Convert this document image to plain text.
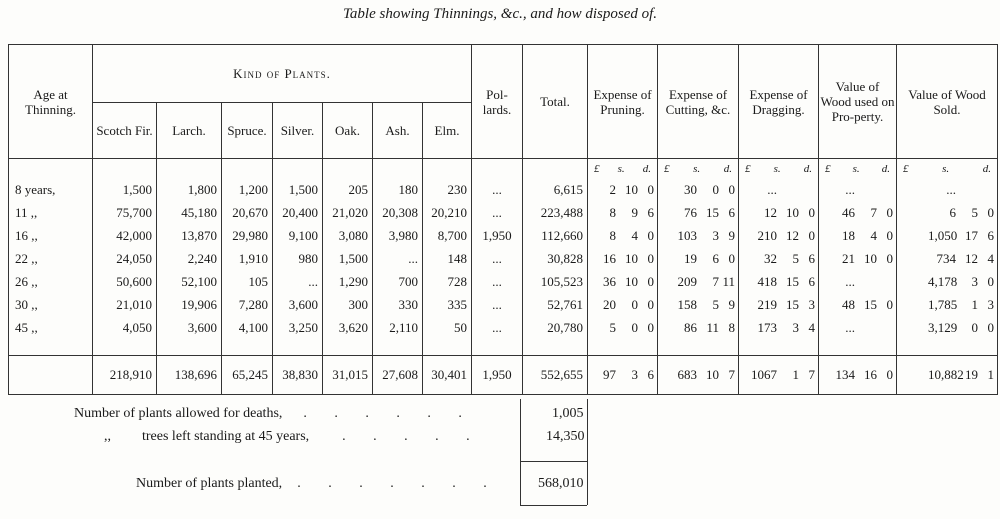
Table showing Thinnings, &c., and how disposed of.
Age at Thinning.	Kind of Plants.							Pol-lards.	Total.	Expense of Pruning.	Expense of Cutting, &c.	Expense of Dragging.	Value of Wood used on Pro-perty.	Value of Wood Sold.
	Scotch Fir.	Larch.	Spruce.	Silver.	Oak.	Ash.	Elm.							

										£ s. d.	£ s. d.	£ s. d.	£ s. d.	£ s. d.

8 years,	1,500	1,800	1,200	1,500	205	180	230	...	6,615	2 10 0	30 0 0	...	...	...

11 ,,	75,700	45,180	20,670	20,400	21,020	20,308	20,210	...	223,488	8 9 6	76 15 6	12 10 0	46 7 0	6 5 0

16 ,,	42,000	13,870	29,980	9,100	3,080	3,980	8,700	1,950	112,660	8 4 0	103 3 9	210 12 0	18 4 0	1,050 17 6

22 ,,	24,050	2,240	1,910	980	1,500	...	148	...	30,828	16 10 0	19 6 0	32 5 6	21 10 0	734 12 4

26 ,,	50,600	52,100	105	...	1,290	700	728	...	105,523	36 10 0	209 7 11	418 15 6	...	4,178 3 0

30 ,,	21,010	19,906	7,280	3,600	300	330	335	...	52,761	20 0 0	158 5 9	219 15 3	48 15 0	1,785 1 3

45 ,,	4,050	3,600	4,100	3,250	3,620	2,110	50	...	20,780	5 0 0	86 11 8	173 3 4	...	3,129 0 0

	218,910	138,696	65,245	38,830	31,015	27,608	30,401	1,950	552,655	97 3 6	683 10 7	1067 1 7	134 16 0	10,882 19 1
Number of plants allowed for deaths, . . . . . .	1,005
,, trees left standing at 45 years, . . . . .	14,350
Number of plants planted, . . . . . . .	568,010
